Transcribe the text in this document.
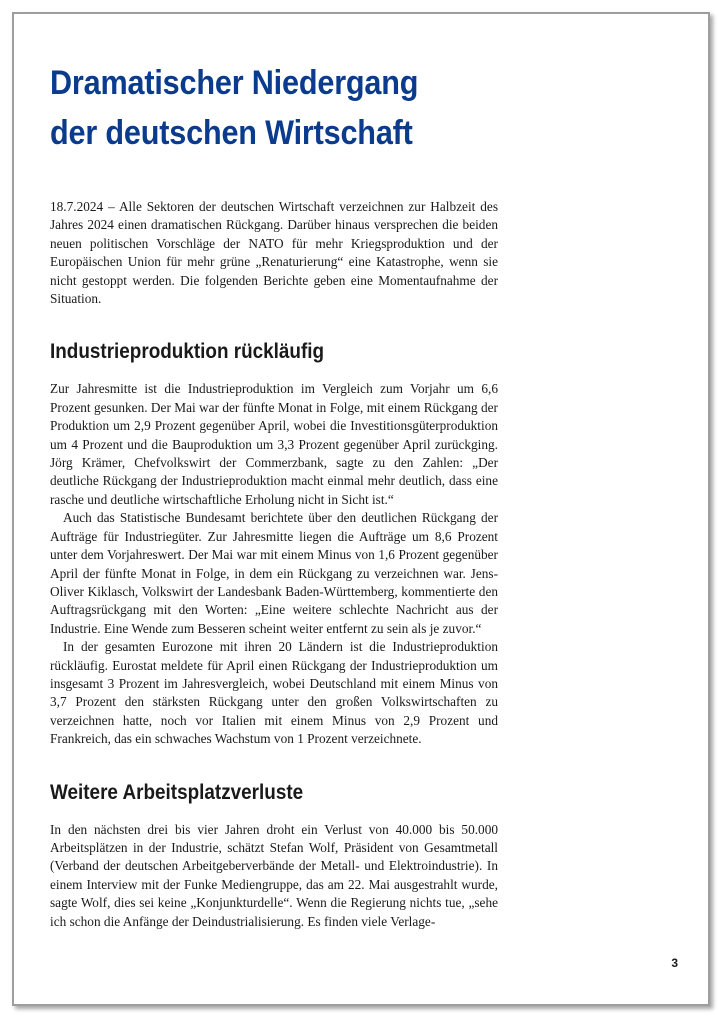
Dramatischer Niedergang
der deutschen Wirtschaft

18.7.2024 – Alle Sektoren der deutschen Wirtschaft verzeichnen zur Halbzeit des Jahres 2024 einen dramatischen Rückgang. Darüber hinaus versprechen die beiden neuen politischen Vorschläge der NATO für mehr Kriegsproduktion und der Europäischen Union für mehr grüne „Renaturierung“ eine Katastrophe, wenn sie nicht gestoppt werden. Die folgenden Berichte geben eine Momentaufnahme der Situation.

Industrieproduktion rückläufig

Zur Jahresmitte ist die Industrieproduktion im Vergleich zum Vorjahr um 6,6 Prozent gesunken. Der Mai war der fünfte Monat in Folge, mit einem Rückgang der Produktion um 2,9 Prozent gegenüber April, wobei die Investitionsgüterproduktion um 4 Prozent und die Bauproduktion um 3,3 Prozent gegenüber April zurückging. Jörg Krämer, Chefvolkswirt der Commerzbank, sagte zu den Zahlen: „Der deutliche Rückgang der Industrieproduktion macht einmal mehr deutlich, dass eine rasche und deutliche wirtschaftliche Erholung nicht in Sicht ist.“

Auch das Statistische Bundesamt berichtete über den deutlichen Rückgang der Aufträge für Industriegüter. Zur Jahresmitte liegen die Aufträge um 8,6 Prozent unter dem Vorjahreswert. Der Mai war mit einem Minus von 1,6 Prozent gegenüber April der fünfte Monat in Folge, in dem ein Rückgang zu verzeichnen war. Jens-Oliver Kiklasch, Volkswirt der Landesbank Baden-Württemberg, kommentierte den Auftragsrückgang mit den Worten: „Eine weitere schlechte Nachricht aus der Industrie. Eine Wende zum Besseren scheint weiter entfernt zu sein als je zuvor.“

In der gesamten Eurozone mit ihren 20 Ländern ist die Industrieproduktion rückläufig. Eurostat meldete für April einen Rückgang der Industrieproduktion um insgesamt 3 Prozent im Jahresvergleich, wobei Deutschland mit einem Minus von 3,7 Prozent den stärksten Rückgang unter den großen Volkswirtschaften zu verzeichnen hatte, noch vor Italien mit einem Minus von 2,9 Prozent und Frankreich, das ein schwaches Wachstum von 1 Prozent verzeichnete.

Weitere Arbeitsplatzverluste

In den nächsten drei bis vier Jahren droht ein Verlust von 40.000 bis 50.000 Arbeitsplätzen in der Industrie, schätzt Stefan Wolf, Präsident von Gesamtmetall (Verband der deutschen Arbeitgeberverbände der Metall- und Elektroindustrie). In einem Interview mit der Funke Mediengruppe, das am 22. Mai ausgestrahlt wurde, sagte Wolf, dies sei keine „Konjunkturdelle“. Wenn die Regierung nichts tue, „sehe ich schon die Anfänge der Deindustrialisierung. Es finden viele Verlage-

3
